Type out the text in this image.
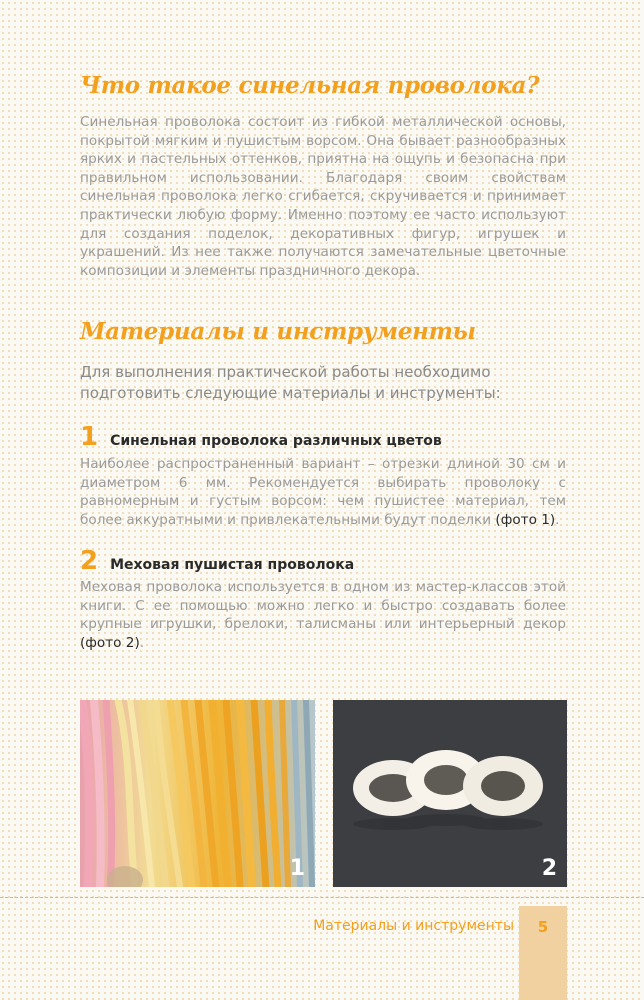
Что такое синельная проволока?

Синельная проволока состоит из гибкой металлической основы, покрытой мягким и пушистым ворсом. Она бывает разнообразных ярких и пастельных оттенков, приятна на ощупь и безопасна при правильном использовании. Благодаря своим свойствам синельная проволока легко сгибается, скручивается и принимает практически любую форму. Именно поэтому ее часто используют для создания поделок, декоративных фигур, игрушек и украшений. Из нее также получаются замечательные цветочные композиции и элементы праздничного декора.

Материалы и инструменты

Для выполнения практической работы необходимо подготовить следующие материалы и инструменты:

1 Синельная проволока различных цветов

Наиболее распространенный вариант – отрезки длиной 30 см и диаметром 6 мм. Рекомендуется выбирать проволоку с равномерным и густым ворсом: чем пушистее материал, тем более аккуратными и привлекательными будут поделки (фото 1).

2 Меховая пушистая проволока

Меховая проволока используется в одном из мастер-классов этой книги. С ее помощью можно легко и быстро создавать более крупные игрушки, брелоки, талисманы или интерьерный декор (фото 2).

1	2
Материалы и инструменты	5
